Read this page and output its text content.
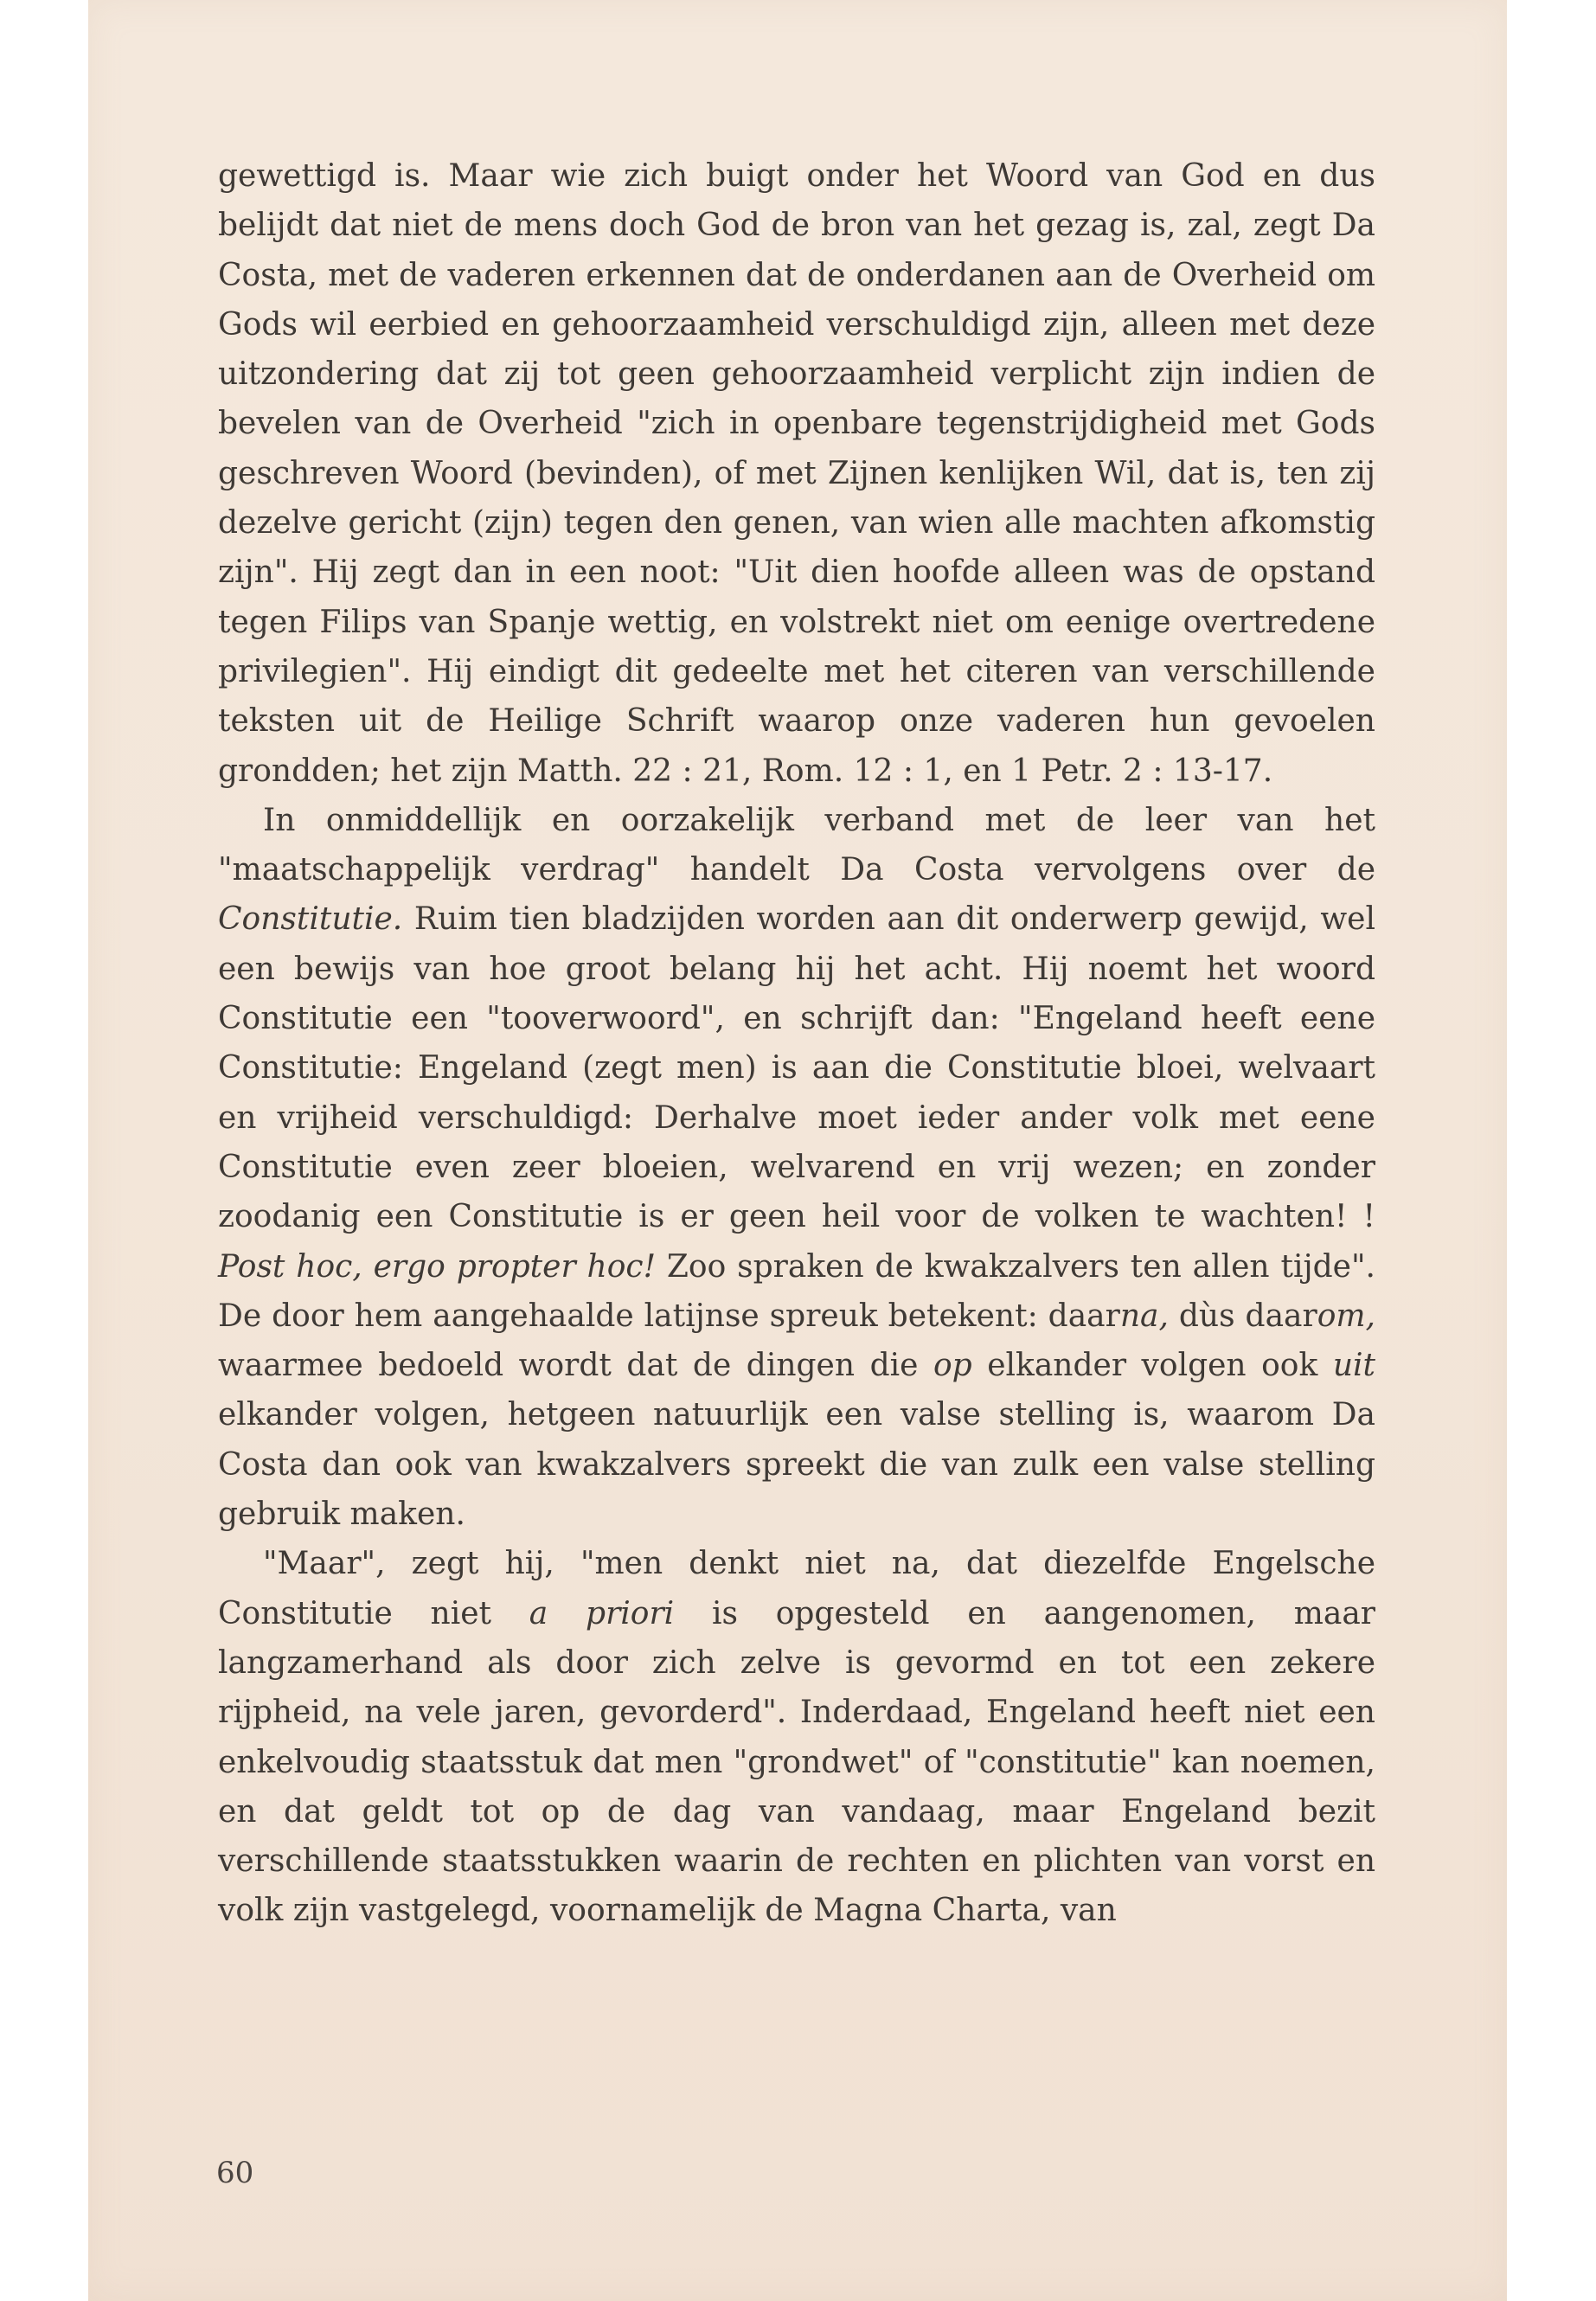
gewettigd is. Maar wie zich buigt onder het Woord van God en dus belijdt dat niet de mens doch God de bron van het gezag is, zal, zegt Da Costa, met de vaderen erkennen dat de onderdanen aan de Overheid om Gods wil eerbied en gehoorzaamheid verschuldigd zijn, alleen met deze uitzondering dat zij tot geen gehoorzaamheid verplicht zijn indien de bevelen van de Overheid "zich in openbare tegenstrijdigheid met Gods geschreven Woord (bevinden), of met Zijnen kenlijken Wil, dat is, ten zij dezelve gericht (zijn) tegen den genen, van wien alle machten afkomstig zijn". Hij zegt dan in een noot: "Uit dien hoofde alleen was de opstand tegen Filips van Spanje wettig, en volstrekt niet om eenige overtredene privilegien". Hij eindigt dit gedeelte met het citeren van verschillende teksten uit de Heilige Schrift waarop onze vaderen hun gevoelen grondden; het zijn Matth. 22 : 21, Rom. 12 : 1, en 1 Petr. 2 : 13-17.

In onmiddellijk en oorzakelijk verband met de leer van het "maatschappelijk verdrag" handelt Da Costa vervolgens over de Constitutie. Ruim tien bladzijden worden aan dit onderwerp gewijd, wel een bewijs van hoe groot belang hij het acht. Hij noemt het woord Constitutie een "tooverwoord", en schrijft dan: "Engeland heeft eene Constitutie: Engeland (zegt men) is aan die Constitutie bloei, welvaart en vrijheid verschuldigd: Derhalve moet ieder ander volk met eene Constitutie even zeer bloeien, welvarend en vrij wezen; en zonder zoodanig een Constitutie is er geen heil voor de volken te wachten! ! Post hoc, ergo propter hoc! Zoo spraken de kwakzalvers ten allen tijde". De door hem aangehaalde latijnse spreuk betekent: daarna, dùs daarom, waarmee bedoeld wordt dat de dingen die op elkander volgen ook uit elkander volgen, hetgeen natuurlijk een valse stelling is, waarom Da Costa dan ook van kwakzalvers spreekt die van zulk een valse stelling gebruik maken.

"Maar", zegt hij, "men denkt niet na, dat diezelfde Engelsche Constitutie niet a priori is opgesteld en aangenomen, maar langzamerhand als door zich zelve is gevormd en tot een zekere rijpheid, na vele jaren, gevorderd". Inderdaad, Engeland heeft niet een enkelvoudig staatsstuk dat men "grondwet" of "constitutie" kan noemen, en dat geldt tot op de dag van vandaag, maar Engeland bezit verschillende staatsstukken waarin de rechten en plichten van vorst en volk zijn vastgelegd, voornamelijk de Magna Charta, van

60
